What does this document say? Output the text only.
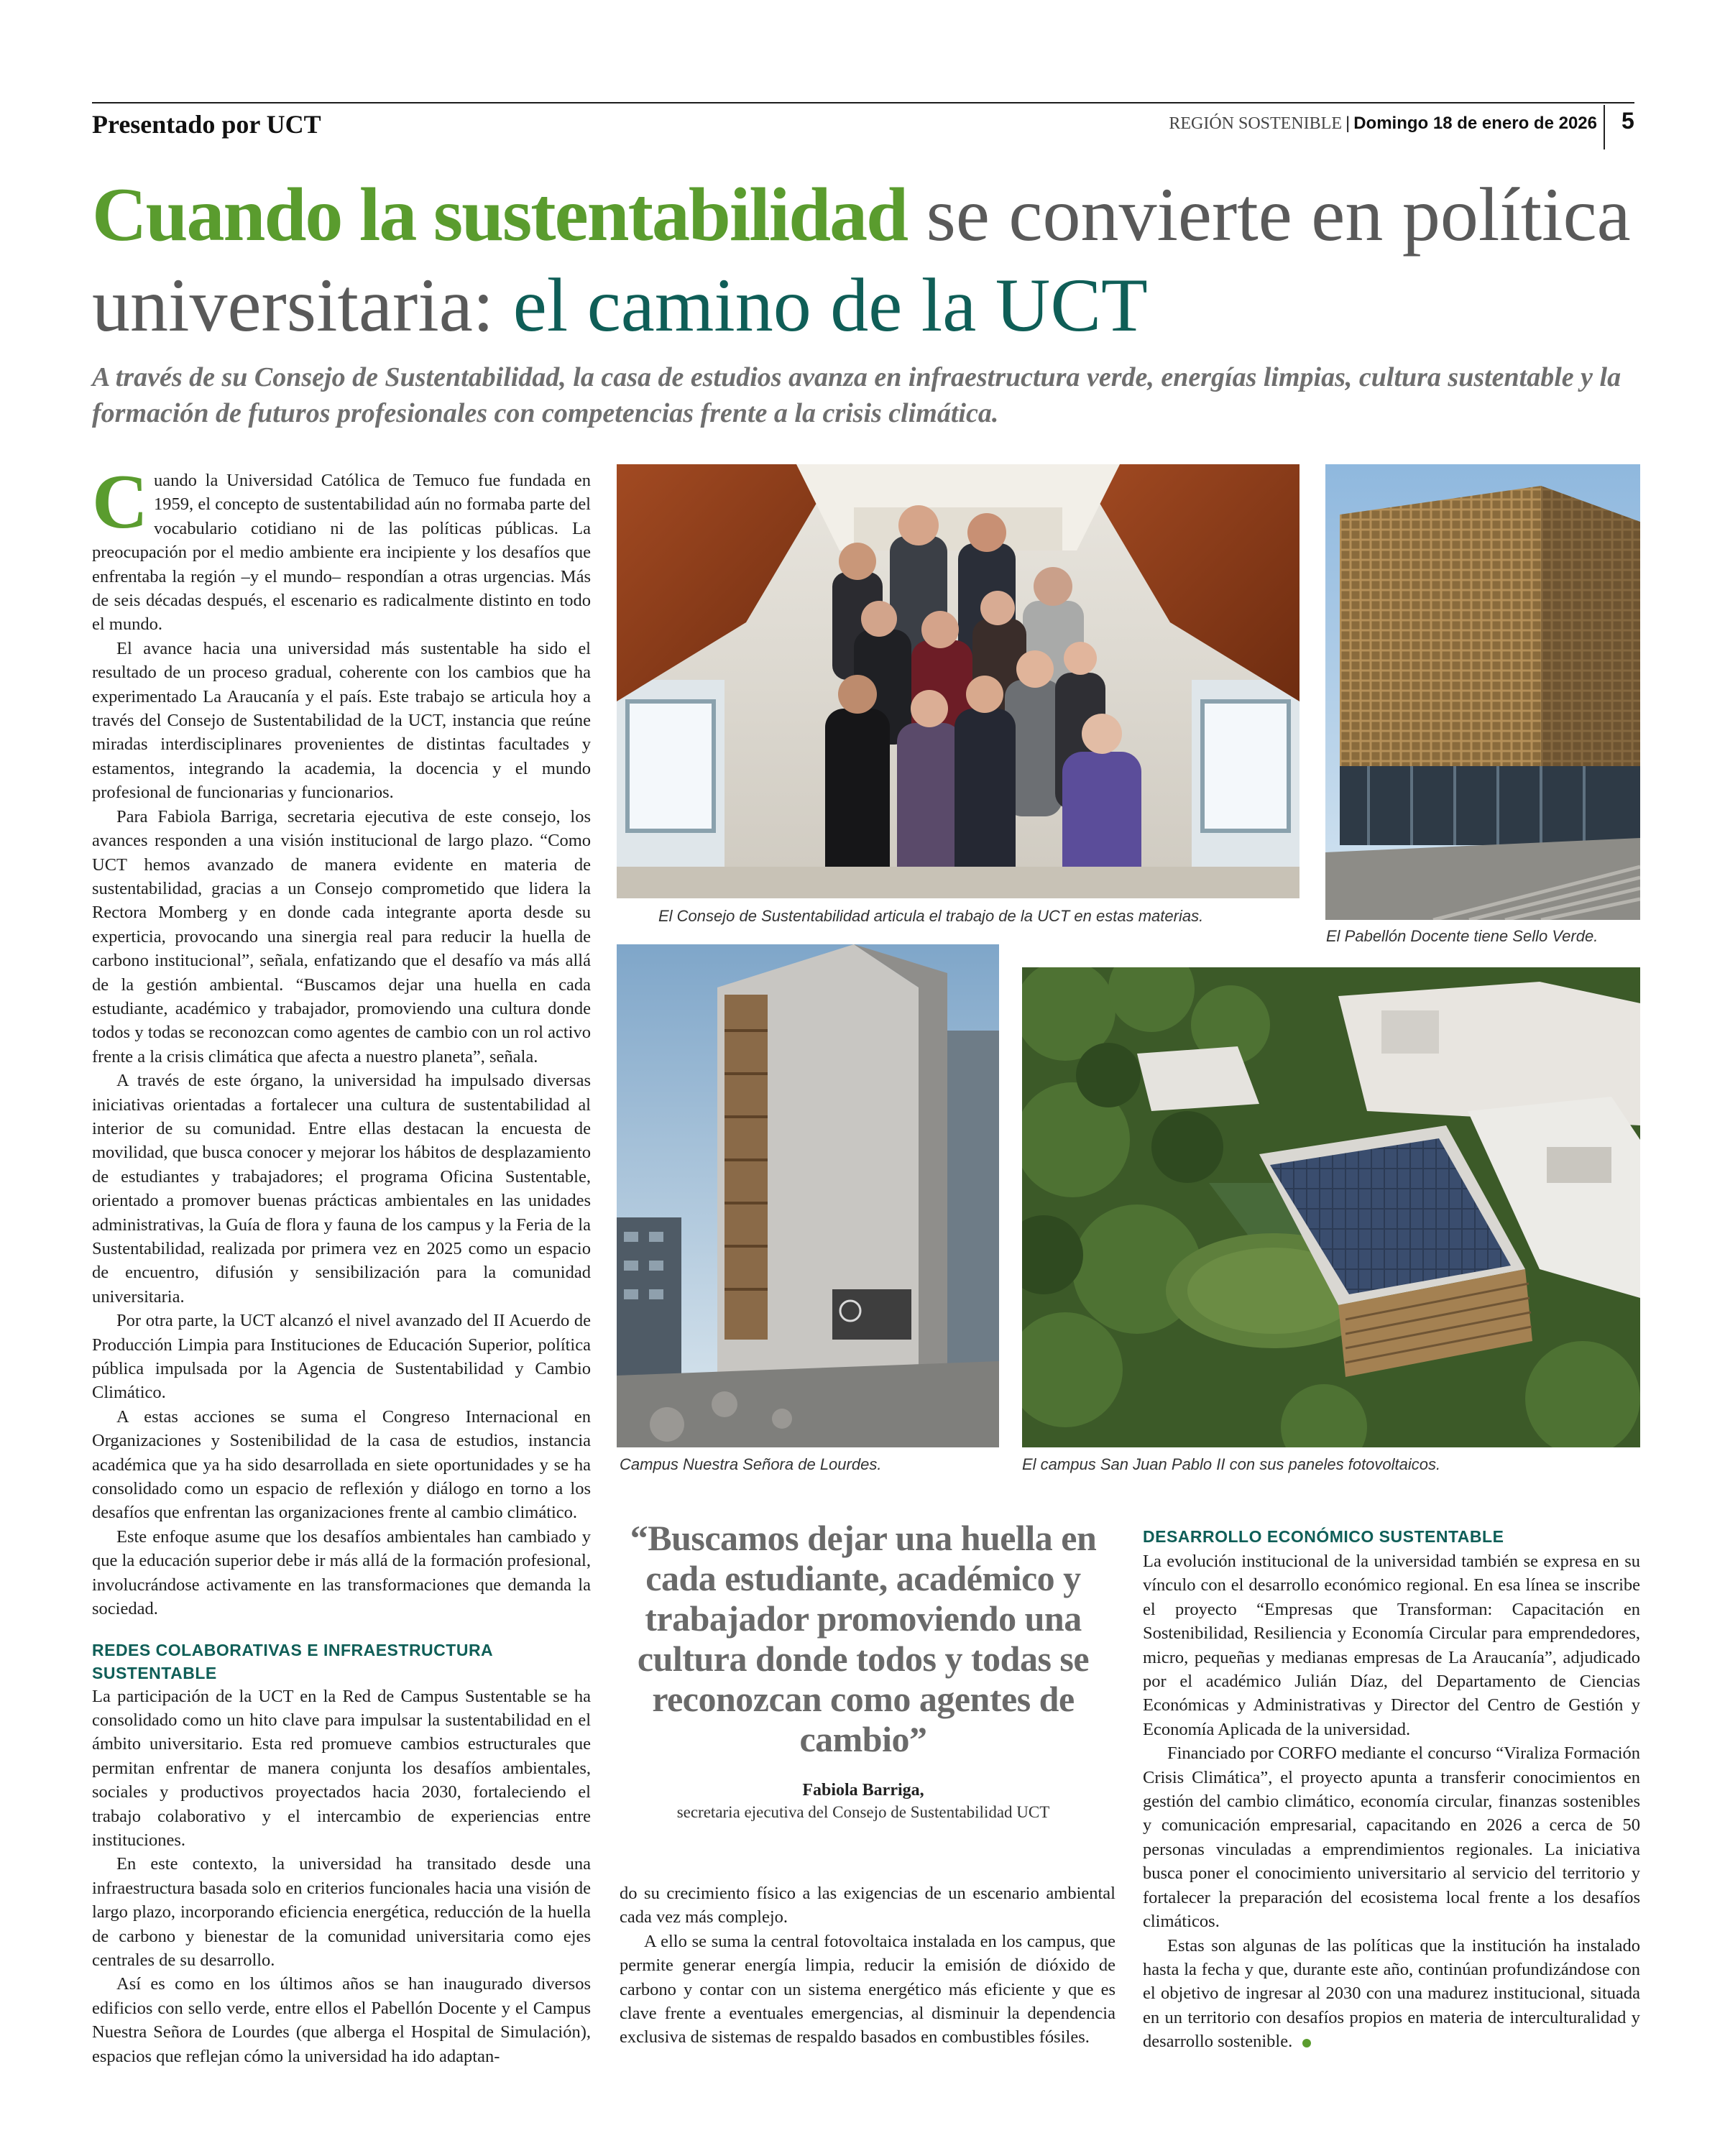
Presentado por UCT	REGIÓN SOSTENIBLE | Domingo 18 de enero de 2026 5
Cuando la sustentabilidad se convierte en política universitaria: el camino de la UCT
A través de su Consejo de Sustentabilidad, la casa de estudios avanza en infraestructura verde, energías limpias, cultura sustentable y la formación de futuros profesionales con competencias frente a la crisis climática.

Cuando la Universidad Católica de Temuco fue fundada en 1959, el concepto de sustentabilidad aún no formaba parte del vocabulario cotidiano ni de las políticas públicas. La preocupación por el medio ambiente era incipiente y los desafíos que enfrentaba la región –y el mundo– respondían a otras urgencias. Más de seis décadas después, el escenario es radicalmente distinto en todo el mundo.

El avance hacia una universidad más sustentable ha sido el resultado de un proceso gradual, coherente con los cambios que ha experimentado La Araucanía y el país. Este trabajo se articula hoy a través del Consejo de Sustentabilidad de la UCT, instancia que reúne miradas interdisciplinares provenientes de distintas facultades y estamentos, integrando la academia, la docencia y el mundo profesional de funcionarias y funcionarios.

Para Fabiola Barriga, secretaria ejecutiva de este consejo, los avances responden a una visión institucional de largo plazo. “Como UCT hemos avanzado de manera evidente en materia de sustentabilidad, gracias a un Consejo comprometido que lidera la Rectora Momberg y en donde cada integrante aporta desde su experticia, provocando una sinergia real para reducir la huella de carbono institucional”, señala, enfatizando que el desafío va más allá de la gestión ambiental. “Buscamos dejar una huella en cada estudiante, académico y trabajador, promoviendo una cultura donde todos y todas se reconozcan como agentes de cambio con un rol activo frente a la crisis climática que afecta a nuestro planeta”, señala.

A través de este órgano, la universidad ha impulsado diversas iniciativas orientadas a fortalecer una cultura de sustentabilidad al interior de su comunidad. Entre ellas destacan la encuesta de movilidad, que busca conocer y mejorar los hábitos de desplazamiento de estudiantes y trabajadores; el programa Oficina Sustentable, orientado a promover buenas prácticas ambientales en las unidades administrativas, la Guía de flora y fauna de los campus y la Feria de la Sustentabilidad, realizada por primera vez en 2025 como un espacio de encuentro, difusión y sensibilización para la comunidad universitaria.

Por otra parte, la UCT alcanzó el nivel avanzado del II Acuerdo de Producción Limpia para Instituciones de Educación Superior, política pública impulsada por la Agencia de Sustentabilidad y Cambio Climático.

A estas acciones se suma el Congreso Internacional en Organizaciones y Sostenibilidad de la casa de estudios, instancia académica que ya ha sido desarrollada en siete oportunidades y se ha consolidado como un espacio de reflexión y diálogo en torno a los desafíos que enfrentan las organizaciones frente al cambio climático.

Este enfoque asume que los desafíos ambientales han cambiado y que la educación superior debe ir más allá de la formación profesional, involucrándose activamente en las transformaciones que demanda la sociedad.

REDES COLABORATIVAS E INFRAESTRUCTURA SUSTENTABLE

La participación de la UCT en la Red de Campus Sustentable se ha consolidado como un hito clave para impulsar la sustentabilidad en el ámbito universitario. Esta red promueve cambios estructurales que permitan enfrentar de manera conjunta los desafíos ambientales, sociales y productivos proyectados hacia 2030, fortaleciendo el trabajo colaborativo y el intercambio de experiencias entre instituciones.

En este contexto, la universidad ha transitado desde una infraestructura basada solo en criterios funcionales hacia una visión de largo plazo, incorporando eficiencia energética, reducción de la huella de carbono y bienestar de la comunidad universitaria como ejes centrales de su desarrollo.

Así es como en los últimos años se han inaugurado diversos edificios con sello verde, entre ellos el Pabellón Docente y el Campus Nuestra Señora de Lourdes (que alberga el Hospital de Simulación), espacios que reflejan cómo la universidad ha ido adaptan-

El Consejo de Sustentabilidad articula el trabajo de la UCT en estas materias.
El Pabellón Docente tiene Sello Verde.
Campus Nuestra Señora de Lourdes.	El campus San Juan Pablo II con sus paneles fotovoltaicos.
“Buscamos dejar una huella en cada estudiante, académico y trabajador promoviendo una cultura donde todos y todas se reconozcan como agentes de cambio”
Fabiola Barriga,
secretaria ejecutiva del Consejo de Sustentabilidad UCT

do su crecimiento físico a las exigencias de un escenario ambiental cada vez más complejo.

A ello se suma la central fotovoltaica instalada en los campus, que permite generar energía limpia, reducir la emisión de dióxido de carbono y contar con un sistema energético más eficiente y que es clave frente a eventuales emergencias, al disminuir la dependencia exclusiva de sistemas de respaldo basados en combustibles fósiles.

DESARROLLO ECONÓMICO SUSTENTABLE

La evolución institucional de la universidad también se expresa en su vínculo con el desarrollo económico regional. En esa línea se inscribe el proyecto “Empresas que Transforman: Capacitación en Sostenibilidad, Resiliencia y Economía Circular para emprendedores, micro, pequeñas y medianas empresas de La Araucanía”, adjudicado por el académico Julián Díaz, del Departamento de Ciencias Económicas y Administrativas y Director del Centro de Gestión y Economía Aplicada de la universidad.

Financiado por CORFO mediante el concurso “Viraliza Formación Crisis Climática”, el proyecto apunta a transferir conocimientos en gestión del cambio climático, economía circular, finanzas sostenibles y comunicación empresarial, capacitando en 2026 a cerca de 50 personas vinculadas a emprendimientos regionales. La iniciativa busca poner el conocimiento universitario al servicio del territorio y fortalecer la preparación del ecosistema local frente a los desafíos climáticos.

Estas son algunas de las políticas que la institución ha instalado hasta la fecha y que, durante este año, continúan profundizándose con el objetivo de ingresar al 2030 con una madurez institucional, situada en un territorio con desafíos propios en materia de interculturalidad y desarrollo sostenible.
